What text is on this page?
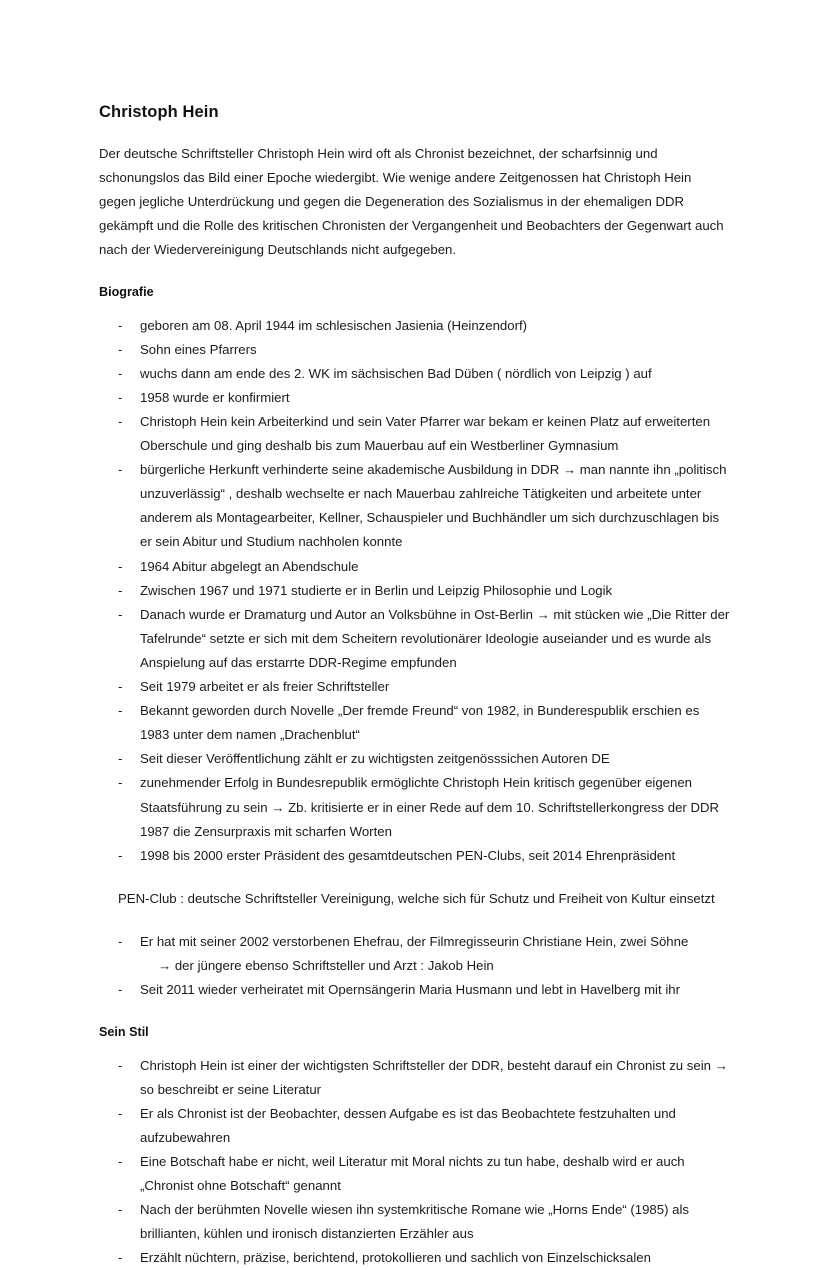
Christoph Hein

Der deutsche Schriftsteller Christoph Hein wird oft als Chronist bezeichnet, der scharfsinnig und schonungslos das Bild einer Epoche wiedergibt. Wie wenige andere Zeitgenossen hat Christoph Hein gegen jegliche Unterdrückung und gegen die Degeneration des Sozialismus in der ehemaligen DDR gekämpft und die Rolle des kritischen Chronisten der Vergangenheit und Beobachters der Gegenwart auch nach der Wiedervereinigung Deutschlands nicht aufgegeben.

Biografie
- geboren am 08. April 1944 im schlesischen Jasienia (Heinzendorf)
- Sohn eines Pfarrers
- wuchs dann am ende des 2. WK im sächsischen Bad Düben ( nördlich von Leipzig ) auf
- 1958 wurde er konfirmiert
- Christoph Hein kein Arbeiterkind und sein Vater Pfarrer war bekam er keinen Platz auf erweiterten Oberschule und ging deshalb bis zum Mauerbau auf ein Westberliner Gymnasium
- bürgerliche Herkunft verhinderte seine akademische Ausbildung in DDR → man nannte ihn „politisch unzuverlässig“ , deshalb wechselte er nach Mauerbau zahlreiche Tätigkeiten und arbeitete unter anderem als Montagearbeiter, Kellner, Schauspieler und Buchhändler um sich durchzuschlagen bis er sein Abitur und Studium nachholen konnte
- 1964 Abitur abgelegt an Abendschule
- Zwischen 1967 und 1971 studierte er in Berlin und Leipzig Philosophie und Logik
- Danach wurde er Dramaturg und Autor an Volksbühne in Ost-Berlin → mit stücken wie „Die Ritter der Tafelrunde“ setzte er sich mit dem Scheitern revolutionärer Ideologie auseiander und es wurde als Anspielung auf das erstarrte DDR-Regime empfunden
- Seit 1979 arbeitet er als freier Schriftsteller
- Bekannt geworden durch Novelle „Der fremde Freund“ von 1982, in Bunderespublik erschien es 1983 unter dem namen „Drachenblut“
- Seit dieser Veröffentlichung zählt er zu wichtigsten zeitgenösssichen Autoren DE
- zunehmender Erfolg in Bundesrepublik ermöglichte Christoph Hein kritisch gegenüber eigenen Staatsführung zu sein → Zb. kritisierte er in einer Rede auf dem 10. Schriftstellerkongress der DDR 1987 die Zensurpraxis mit scharfen Worten
- 1998 bis 2000 erster Präsident des gesamtdeutschen PEN-Clubs, seit 2014 Ehrenpräsident

PEN-Club : deutsche Schriftsteller Vereinigung, welche sich für Schutz und Freiheit von Kultur einsetzt

- Er hat mit seiner 2002 verstorbenen Ehefrau, der Filmregisseurin Christiane Hein, zwei Söhne
→ der jüngere ebenso Schriftsteller und Arzt : Jakob Hein
- Seit 2011 wieder verheiratet mit Opernsängerin Maria Husmann und lebt in Havelberg mit ihr
Sein Stil
- Christoph Hein ist einer der wichtigsten Schriftsteller der DDR, besteht darauf ein Chronist zu sein → so beschreibt er seine Literatur
- Er als Chronist ist der Beobachter, dessen Aufgabe es ist das Beobachtete festzuhalten und aufzubewahren
- Eine Botschaft habe er nicht, weil Literatur mit Moral nichts zu tun habe, deshalb wird er auch „Chronist ohne Botschaft“ genannt
- Nach der berühmten Novelle wiesen ihn systemkritische Romane wie „Horns Ende“ (1985) als brillianten, kühlen und ironisch distanzierten Erzähler aus
- Erzählt nüchtern, präzise, berichtend, protokollieren und sachlich von Einzelschicksalen
